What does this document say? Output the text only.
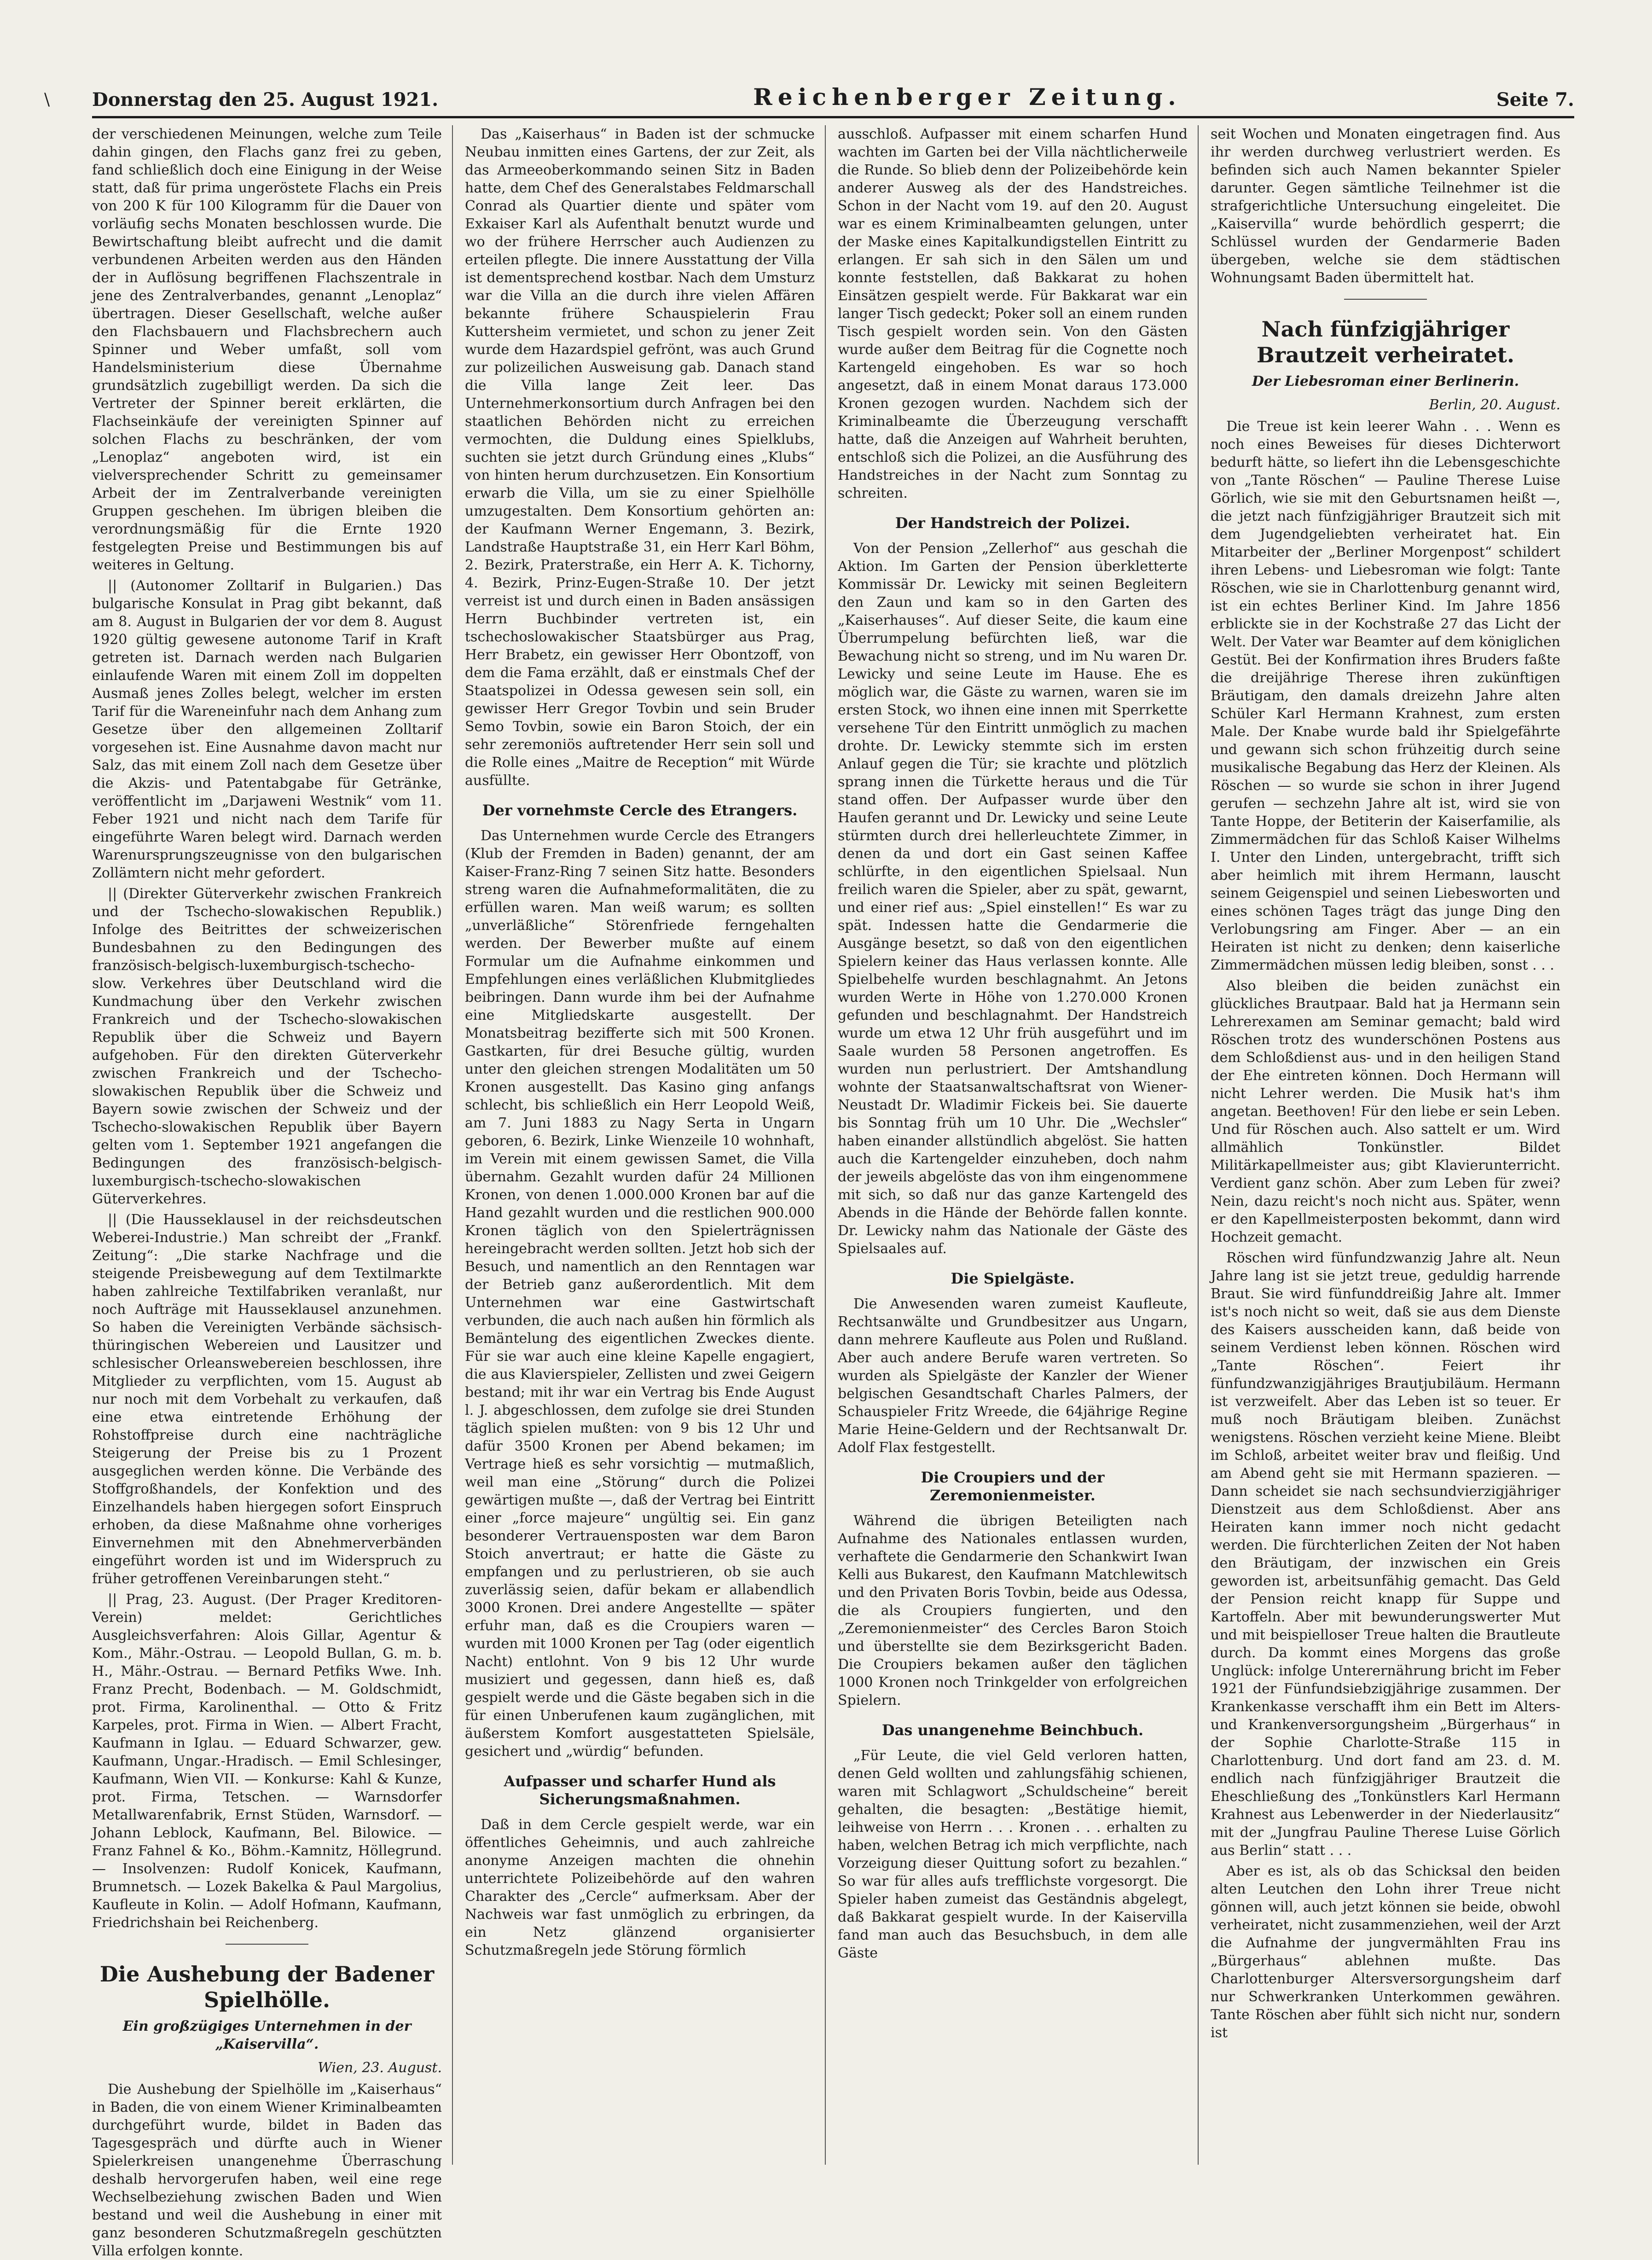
\ Donnerstag den 25. August 1921.	Reichenberger Zeitung.	Seite 7.

der verschiedenen Meinungen, welche zum Teile dahin gingen, den Flachs ganz frei zu geben, fand schließlich doch eine Einigung in der Weise statt, daß für prima ungeröstete Flachs ein Preis von 200 K für 100 Kilogramm für die Dauer von vorläufig sechs Monaten beschlossen wurde. Die Bewirtschaftung bleibt aufrecht und die damit verbundenen Arbeiten werden aus den Händen der in Auflösung begriffenen Flachszentrale in jene des Zentralverbandes, genannt „Lenoplaz“ übertragen. Dieser Gesellschaft, welche außer den Flachsbauern und Flachsbrechern auch Spinner und Weber umfaßt, soll vom Handelsministerium diese Übernahme grundsätzlich zugebilligt werden. Da sich die Vertreter der Spinner bereit erklärten, die Flachseinkäufe der vereinigten Spinner auf solchen Flachs zu beschränken, der vom „Lenoplaz“ angeboten wird, ist ein vielversprechender Schritt zu gemeinsamer Arbeit der im Zentralverbande vereinigten Gruppen geschehen. Im übrigen bleiben die verordnungsmäßig für die Ernte 1920 festgelegten Preise und Bestimmungen bis auf weiteres in Geltung.

|| (Autonomer Zolltarif in Bulgarien.) Das bulgarische Konsulat in Prag gibt bekannt, daß am 8. August in Bulgarien der vor dem 8. August 1920 gültig gewesene autonome Tarif in Kraft getreten ist. Darnach werden nach Bulgarien einlaufende Waren mit einem Zoll im doppelten Ausmaß jenes Zolles belegt, welcher im ersten Tarif für die Wareneinfuhr nach dem Anhang zum Gesetze über den allgemeinen Zolltarif vorgesehen ist. Eine Ausnahme davon macht nur Salz, das mit einem Zoll nach dem Gesetze über die Akzis- und Patentabgabe für Getränke, veröffentlicht im „Darjaweni Westnik“ vom 11. Feber 1921 und nicht nach dem Tarife für eingeführte Waren belegt wird. Darnach werden Warenursprungszeugnisse von den bulgarischen Zollämtern nicht mehr gefordert.

|| (Direkter Güterverkehr zwischen Frankreich und der Tschecho-slowakischen Republik.) Infolge des Beitrittes der schweizerischen Bundesbahnen zu den Bedingungen des französisch-belgisch-luxemburgisch-tschecho-slow. Verkehres über Deutschland wird die Kundmachung über den Verkehr zwischen Frankreich und der Tschecho-slowakischen Republik über die Schweiz und Bayern aufgehoben. Für den direkten Güterverkehr zwischen Frankreich und der Tschecho-slowakischen Republik über die Schweiz und Bayern sowie zwischen der Schweiz und der Tschecho-slowakischen Republik über Bayern gelten vom 1. September 1921 angefangen die Bedingungen des französisch-belgisch-luxemburgisch-tschecho-slowakischen Güterverkehres.

|| (Die Hausseklausel in der reichsdeutschen Weberei-Industrie.) Man schreibt der „Frankf. Zeitung“: „Die starke Nachfrage und die steigende Preisbewegung auf dem Textilmarkte haben zahlreiche Textilfabriken veranlaßt, nur noch Aufträge mit Hausseklausel anzunehmen. So haben die Vereinigten Verbände sächsisch-thüringischen Webereien und Lausitzer und schlesischer Orleanswebereien beschlossen, ihre Mitglieder zu verpflichten, vom 15. August ab nur noch mit dem Vorbehalt zu verkaufen, daß eine etwa eintretende Erhöhung der Rohstoffpreise durch eine nachträgliche Steigerung der Preise bis zu 1 Prozent ausgeglichen werden könne. Die Verbände des Stoffgroßhandels, der Konfektion und des Einzelhandels haben hiergegen sofort Einspruch erhoben, da diese Maßnahme ohne vorheriges Einvernehmen mit den Abnehmerverbänden eingeführt worden ist und im Widerspruch zu früher getroffenen Vereinbarungen steht.“

|| Prag, 23. August. (Der Prager Kreditoren-Verein) meldet: Gerichtliches Ausgleichsverfahren: Alois Gillar, Agentur & Kom., Mähr.-Ostrau. — Leopold Bullan, G. m. b. H., Mähr.-Ostrau. — Bernard Petfiks Wwe. Inh. Franz Precht, Bodenbach. — M. Goldschmidt, prot. Firma, Karolinenthal. — Otto & Fritz Karpeles, prot. Firma in Wien. — Albert Fracht, Kaufmann in Iglau. — Eduard Schwarzer, gew. Kaufmann, Ungar.-Hradisch. — Emil Schlesinger, Kaufmann, Wien VII. — Konkurse: Kahl & Kunze, prot. Firma, Tetschen. — Warnsdorfer Metallwarenfabrik, Ernst Stüden, Warnsdorf. — Johann Leblock, Kaufmann, Bel. Bilowice. — Franz Fahnel & Ko., Böhm.-Kamnitz, Höllegrund. — Insolvenzen: Rudolf Konicek, Kaufmann, Brumnetsch. — Lozek Bakelka & Paul Margolius, Kaufleute in Kolin. — Adolf Hofmann, Kaufmann, Friedrichshain bei Reichenberg.

Die Aushebung der Badener Spielhölle.
Ein großzügiges Unternehmen in der „Kaiservilla“.

Wien, 23. August.

Die Aushebung der Spielhölle im „Kaiserhaus“ in Baden, die von einem Wiener Kriminalbeamten durchgeführt wurde, bildet in Baden das Tagesgespräch und dürfte auch in Wiener Spielerkreisen unangenehme Überraschung deshalb hervorgerufen haben, weil eine rege Wechselbeziehung zwischen Baden und Wien bestand und weil die Aushebung in einer mit ganz besonderen Schutzmaßregeln geschützten Villa erfolgen konnte.

Das „Kaiserhaus“ in Baden ist der schmucke Neubau inmitten eines Gartens, der zur Zeit, als das Armeeoberkommando seinen Sitz in Baden hatte, dem Chef des Generalstabes Feldmarschall Conrad als Quartier diente und später vom Exkaiser Karl als Aufenthalt benutzt wurde und wo der frühere Herrscher auch Audienzen zu erteilen pflegte. Die innere Ausstattung der Villa ist dementsprechend kostbar. Nach dem Umsturz war die Villa an die durch ihre vielen Affären bekannte frühere Schauspielerin Frau Kuttersheim vermietet, und schon zu jener Zeit wurde dem Hazardspiel gefrönt, was auch Grund zur polizeilichen Ausweisung gab. Danach stand die Villa lange Zeit leer. Das Unternehmerkonsortium durch Anfragen bei den staatlichen Behörden nicht zu erreichen vermochten, die Duldung eines Spielklubs, suchten sie jetzt durch Gründung eines „Klubs“ von hinten herum durchzusetzen. Ein Konsortium erwarb die Villa, um sie zu einer Spielhölle umzugestalten. Dem Konsortium gehörten an: der Kaufmann Werner Engemann, 3. Bezirk, Landstraße Hauptstraße 31, ein Herr Karl Böhm, 2. Bezirk, Praterstraße, ein Herr A. K. Tichorny, 4. Bezirk, Prinz-Eugen-Straße 10. Der jetzt verreist ist und durch einen in Baden ansässigen Herrn Buchbinder vertreten ist, ein tschechoslowakischer Staatsbürger aus Prag, Herr Brabetz, ein gewisser Herr Obontzoff, von dem die Fama erzählt, daß er einstmals Chef der Staatspolizei in Odessa gewesen sein soll, ein gewisser Herr Gregor Tovbin und sein Bruder Semo Tovbin, sowie ein Baron Stoich, der ein sehr zeremoniös auftretender Herr sein soll und die Rolle eines „Maitre de Reception“ mit Würde ausfüllte.

Der vornehmste Cercle des Etrangers.

Das Unternehmen wurde Cercle des Etrangers (Klub der Fremden in Baden) genannt, der am Kaiser-Franz-Ring 7 seinen Sitz hatte. Besonders streng waren die Aufnahmeformalitäten, die zu erfüllen waren. Man weiß warum; es sollten „unverläßliche“ Störenfriede ferngehalten werden. Der Bewerber mußte auf einem Formular um die Aufnahme einkommen und Empfehlungen eines verläßlichen Klubmitgliedes beibringen. Dann wurde ihm bei der Aufnahme eine Mitgliedskarte ausgestellt. Der Monatsbeitrag bezifferte sich mit 500 Kronen. Gastkarten, für drei Besuche gültig, wurden unter den gleichen strengen Modalitäten um 50 Kronen ausgestellt. Das Kasino ging anfangs schlecht, bis schließlich ein Herr Leopold Weiß, am 7. Juni 1883 zu Nagy Serta in Ungarn geboren, 6. Bezirk, Linke Wienzeile 10 wohnhaft, im Verein mit einem gewissen Samet, die Villa übernahm. Gezahlt wurden dafür 24 Millionen Kronen, von denen 1.000.000 Kronen bar auf die Hand gezahlt wurden und die restlichen 900.000 Kronen täglich von den Spielerträgnissen hereingebracht werden sollten. Jetzt hob sich der Besuch, und namentlich an den Renntagen war der Betrieb ganz außerordentlich. Mit dem Unternehmen war eine Gastwirtschaft verbunden, die auch nach außen hin förmlich als Bemäntelung des eigentlichen Zweckes diente. Für sie war auch eine kleine Kapelle engagiert, die aus Klavierspieler, Zellisten und zwei Geigern bestand; mit ihr war ein Vertrag bis Ende August l. J. abgeschlossen, dem zufolge sie drei Stunden täglich spielen mußten: von 9 bis 12 Uhr und dafür 3500 Kronen per Abend bekamen; im Vertrage hieß es sehr vorsichtig — mutmaßlich, weil man eine „Störung“ durch die Polizei gewärtigen mußte —, daß der Vertrag bei Eintritt einer „force majeure“ ungültig sei. Ein ganz besonderer Vertrauensposten war dem Baron Stoich anvertraut; er hatte die Gäste zu empfangen und zu perlustrieren, ob sie auch zuverlässig seien, dafür bekam er allabendlich 3000 Kronen. Drei andere Angestellte — später erfuhr man, daß es die Croupiers waren — wurden mit 1000 Kronen per Tag (oder eigentlich Nacht) entlohnt. Von 9 bis 12 Uhr wurde musiziert und gegessen, dann hieß es, daß gespielt werde und die Gäste begaben sich in die für einen Unberufenen kaum zugänglichen, mit äußerstem Komfort ausgestatteten Spielsäle, gesichert und „würdig“ befunden.

Aufpasser und scharfer Hund als Sicherungsmaßnahmen.

Daß in dem Cercle gespielt werde, war ein öffentliches Geheimnis, und auch zahlreiche anonyme Anzeigen machten die ohnehin unterrichtete Polizeibehörde auf den wahren Charakter des „Cercle“ aufmerksam. Aber der Nachweis war fast unmöglich zu erbringen, da ein Netz glänzend organisierter Schutzmaßregeln jede Störung förmlich

ausschloß. Aufpasser mit einem scharfen Hund wachten im Garten bei der Villa nächtlicherweile die Runde. So blieb denn der Polizeibehörde kein anderer Ausweg als der des Handstreiches. Schon in der Nacht vom 19. auf den 20. August war es einem Kriminalbeamten gelungen, unter der Maske eines Kapitalkundigstellen Eintritt zu erlangen. Er sah sich in den Sälen um und konnte feststellen, daß Bakkarat zu hohen Einsätzen gespielt werde. Für Bakkarat war ein langer Tisch gedeckt; Poker soll an einem runden Tisch gespielt worden sein. Von den Gästen wurde außer dem Beitrag für die Cognette noch Kartengeld eingehoben. Es war so hoch angesetzt, daß in einem Monat daraus 173.000 Kronen gezogen wurden. Nachdem sich der Kriminalbeamte die Überzeugung verschafft hatte, daß die Anzeigen auf Wahrheit beruhten, entschloß sich die Polizei, an die Ausführung des Handstreiches in der Nacht zum Sonntag zu schreiten.

Der Handstreich der Polizei.

Von der Pension „Zellerhof“ aus geschah die Aktion. Im Garten der Pension überkletterte Kommissär Dr. Lewicky mit seinen Begleitern den Zaun und kam so in den Garten des „Kaiserhauses“. Auf dieser Seite, die kaum eine Überrumpelung befürchten ließ, war die Bewachung nicht so streng, und im Nu waren Dr. Lewicky und seine Leute im Hause. Ehe es möglich war, die Gäste zu warnen, waren sie im ersten Stock, wo ihnen eine innen mit Sperrkette versehene Tür den Eintritt unmöglich zu machen drohte. Dr. Lewicky stemmte sich im ersten Anlauf gegen die Tür; sie krachte und plötzlich sprang innen die Türkette heraus und die Tür stand offen. Der Aufpasser wurde über den Haufen gerannt und Dr. Lewicky und seine Leute stürmten durch drei hellerleuchtete Zimmer, in denen da und dort ein Gast seinen Kaffee schlürfte, in den eigentlichen Spielsaal. Nun freilich waren die Spieler, aber zu spät, gewarnt, und einer rief aus: „Spiel einstellen!“ Es war zu spät. Indessen hatte die Gendarmerie die Ausgänge besetzt, so daß von den eigentlichen Spielern keiner das Haus verlassen konnte. Alle Spielbehelfe wurden beschlagnahmt. An Jetons wurden Werte in Höhe von 1.270.000 Kronen gefunden und beschlagnahmt. Der Handstreich wurde um etwa 12 Uhr früh ausgeführt und im Saale wurden 58 Personen angetroffen. Es wurden nun perlustriert. Der Amtshandlung wohnte der Staatsanwaltschaftsrat von Wiener-Neustadt Dr. Wladimir Fickeis bei. Sie dauerte bis Sonntag früh um 10 Uhr. Die „Wechsler“ haben einander allstündlich abgelöst. Sie hatten auch die Kartengelder einzuheben, doch nahm der jeweils abgelöste das von ihm eingenommene mit sich, so daß nur das ganze Kartengeld des Abends in die Hände der Behörde fallen konnte. Dr. Lewicky nahm das Nationale der Gäste des Spielsaales auf.

Die Spielgäste.

Die Anwesenden waren zumeist Kaufleute, Rechtsanwälte und Grundbesitzer aus Ungarn, dann mehrere Kaufleute aus Polen und Rußland. Aber auch andere Berufe waren vertreten. So wurden als Spielgäste der Kanzler der Wiener belgischen Gesandtschaft Charles Palmers, der Schauspieler Fritz Wreede, die 64jährige Regine Marie Heine-Geldern und der Rechtsanwalt Dr. Adolf Flax festgestellt.

Die Croupiers und der Zeremonienmeister.

Während die übrigen Beteiligten nach Aufnahme des Nationales entlassen wurden, verhaftete die Gendarmerie den Schankwirt Iwan Kelli aus Bukarest, den Kaufmann Matchlewitsch und den Privaten Boris Tovbin, beide aus Odessa, die als Croupiers fungierten, und den „Zeremonienmeister“ des Cercles Baron Stoich und überstellte sie dem Bezirksgericht Baden. Die Croupiers bekamen außer den täglichen 1000 Kronen noch Trinkgelder von erfolgreichen Spielern.

Das unangenehme Beinchbuch.

„Für Leute, die viel Geld verloren hatten, denen Geld wollten und zahlungsfähig schienen, waren mit Schlagwort „Schuldscheine“ bereit gehalten, die besagten: „Bestätige hiemit, leihweise von Herrn . . . Kronen . . . erhalten zu haben, welchen Betrag ich mich verpflichte, nach Vorzeigung dieser Quittung sofort zu bezahlen.“ So war für alles aufs trefflichste vorgesorgt. Die Spieler haben zumeist das Geständnis abgelegt, daß Bakkarat gespielt wurde. In der Kaiservilla fand man auch das Besuchsbuch, in dem alle Gäste

seit Wochen und Monaten eingetragen find. Aus ihr werden durchweg verlustriert werden. Es befinden sich auch Namen bekannter Spieler darunter. Gegen sämtliche Teilnehmer ist die strafgerichtliche Untersuchung eingeleitet. Die „Kaiservilla“ wurde behördlich gesperrt; die Schlüssel wurden der Gendarmerie Baden übergeben, welche sie dem städtischen Wohnungsamt Baden übermittelt hat.

Nach fünfzigjähriger Brautzeit verheiratet.
Der Liebesroman einer Berlinerin.

Berlin, 20. August.

Die Treue ist kein leerer Wahn . . . Wenn es noch eines Beweises für dieses Dichterwort bedurft hätte, so liefert ihn die Lebensgeschichte von „Tante Röschen“ — Pauline Therese Luise Görlich, wie sie mit den Geburtsnamen heißt —, die jetzt nach fünfzigjähriger Brautzeit sich mit dem Jugendgeliebten verheiratet hat. Ein Mitarbeiter der „Berliner Morgenpost“ schildert ihren Lebens- und Liebesroman wie folgt: Tante Röschen, wie sie in Charlottenburg genannt wird, ist ein echtes Berliner Kind. Im Jahre 1856 erblickte sie in der Kochstraße 27 das Licht der Welt. Der Vater war Beamter auf dem königlichen Gestüt. Bei der Konfirmation ihres Bruders faßte die dreijährige Therese ihren zukünftigen Bräutigam, den damals dreizehn Jahre alten Schüler Karl Hermann Krahnest, zum ersten Male. Der Knabe wurde bald ihr Spielgefährte und gewann sich schon frühzeitig durch seine musikalische Begabung das Herz der Kleinen. Als Röschen — so wurde sie schon in ihrer Jugend gerufen — sechzehn Jahre alt ist, wird sie von Tante Hoppe, der Betiterin der Kaiserfamilie, als Zimmermädchen für das Schloß Kaiser Wilhelms I. Unter den Linden, untergebracht, trifft sich aber heimlich mit ihrem Hermann, lauscht seinem Geigenspiel und seinen Liebesworten und eines schönen Tages trägt das junge Ding den Verlobungsring am Finger. Aber — an ein Heiraten ist nicht zu denken; denn kaiserliche Zimmermädchen müssen ledig bleiben, sonst . . .

Also bleiben die beiden zunächst ein glückliches Brautpaar. Bald hat ja Hermann sein Lehrerexamen am Seminar gemacht; bald wird Röschen trotz des wunderschönen Postens aus dem Schloßdienst aus- und in den heiligen Stand der Ehe eintreten können. Doch Hermann will nicht Lehrer werden. Die Musik hat's ihm angetan. Beethoven! Für den liebe er sein Leben. Und für Röschen auch. Also sattelt er um. Wird allmählich Tonkünstler. Bildet Militärkapellmeister aus; gibt Klavierunterricht. Verdient ganz schön. Aber zum Leben für zwei? Nein, dazu reicht's noch nicht aus. Später, wenn er den Kapellmeisterposten bekommt, dann wird Hochzeit gemacht.

Röschen wird fünfundzwanzig Jahre alt. Neun Jahre lang ist sie jetzt treue, geduldig harrende Braut. Sie wird fünfunddreißig Jahre alt. Immer ist's noch nicht so weit, daß sie aus dem Dienste des Kaisers ausscheiden kann, daß beide von seinem Verdienst leben können. Röschen wird „Tante Röschen“. Feiert ihr fünfundzwanzigjähriges Brautjubiläum. Hermann ist verzweifelt. Aber das Leben ist so teuer. Er muß noch Bräutigam bleiben. Zunächst wenigstens. Röschen verzieht keine Miene. Bleibt im Schloß, arbeitet weiter brav und fleißig. Und am Abend geht sie mit Hermann spazieren. — Dann scheidet sie nach sechsundvierzigjähriger Dienstzeit aus dem Schloßdienst. Aber ans Heiraten kann immer noch nicht gedacht werden. Die fürchterlichen Zeiten der Not haben den Bräutigam, der inzwischen ein Greis geworden ist, arbeitsunfähig gemacht. Das Geld der Pension reicht knapp für Suppe und Kartoffeln. Aber mit bewunderungswerter Mut und mit beispielloser Treue halten die Brautleute durch. Da kommt eines Morgens das große Unglück: infolge Unterernährung bricht im Feber 1921 der Fünfundsiebzigjährige zusammen. Der Krankenkasse verschafft ihm ein Bett im Alters- und Krankenversorgungsheim „Bürgerhaus“ in der Sophie Charlotte-Straße 115 in Charlottenburg. Und dort fand am 23. d. M. endlich nach fünfzigjähriger Brautzeit die Eheschließung des „Tonkünstlers Karl Hermann Krahnest aus Lebenwerder in der Niederlausitz“ mit der „Jungfrau Pauline Therese Luise Görlich aus Berlin“ statt . . .

Aber es ist, als ob das Schicksal den beiden alten Leutchen den Lohn ihrer Treue nicht gönnen will, auch jetzt können sie beide, obwohl verheiratet, nicht zusammenziehen, weil der Arzt die Aufnahme der jungvermählten Frau ins „Bürgerhaus“ ablehnen mußte. Das Charlottenburger Altersversorgungsheim darf nur Schwerkranken Unterkommen gewähren. Tante Röschen aber fühlt sich nicht nur, sondern ist
